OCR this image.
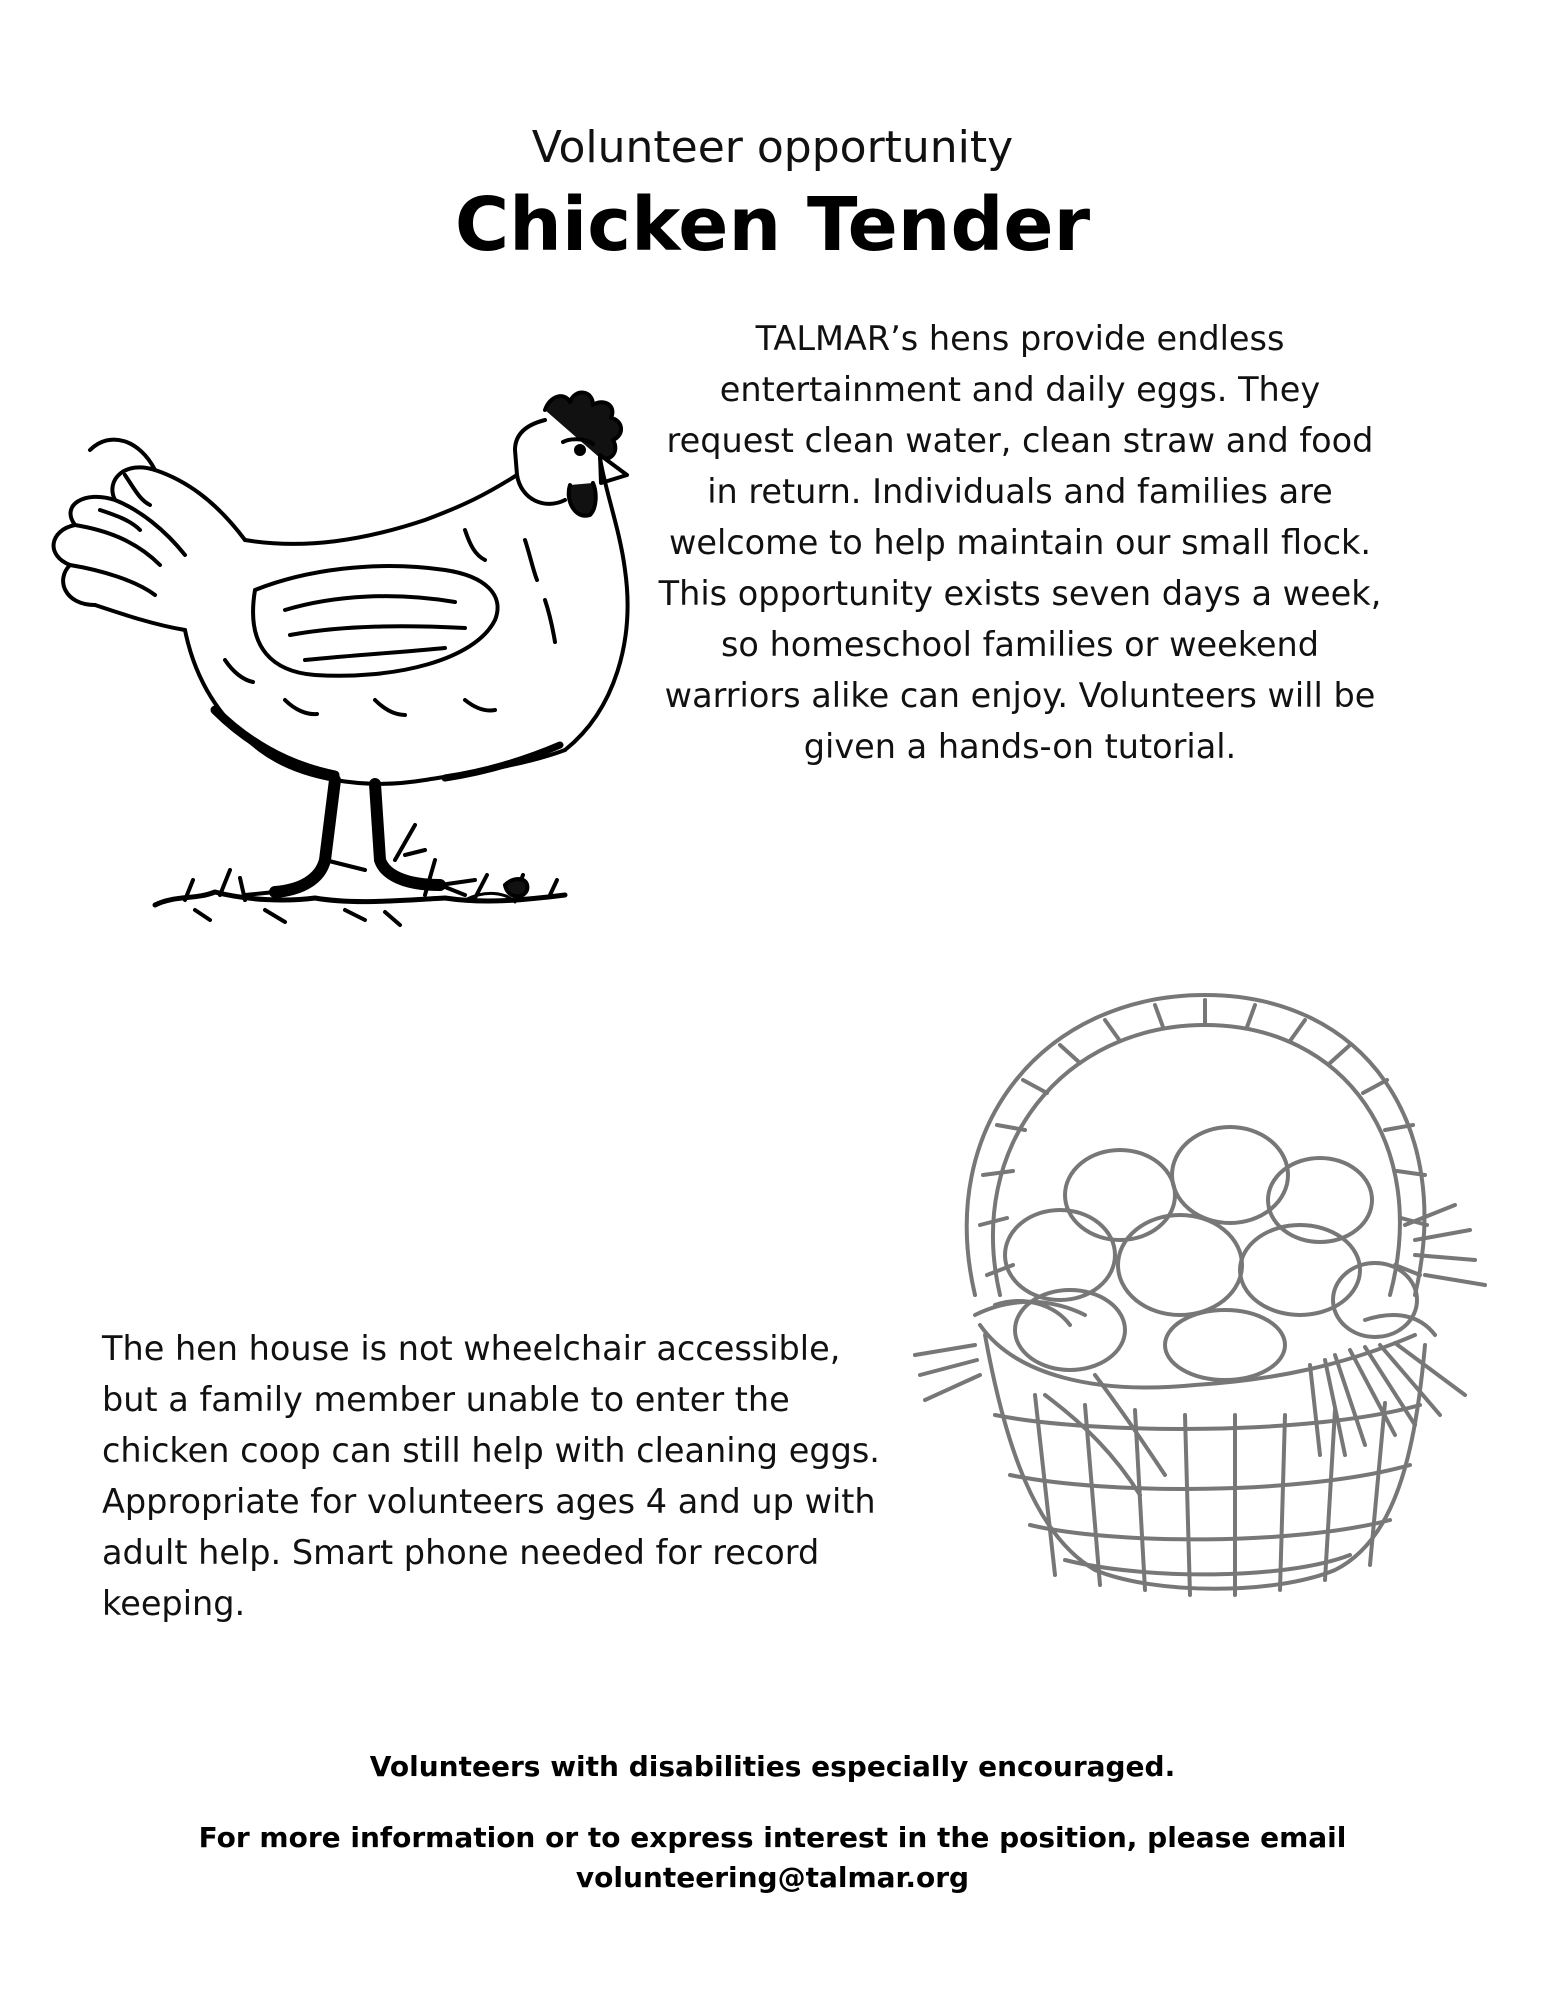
Volunteer opportunity
Chicken Tender
TALMAR’s hens provide endless entertainment and daily eggs. They request clean water, clean straw and food in return. Individuals and families are welcome to help maintain our small flock. This opportunity exists seven days a week, so homeschool families or weekend warriors alike can enjoy. Volunteers will be given a hands-on tutorial.
The hen house is not wheelchair accessible, but a family member unable to enter the chicken coop can still help with cleaning eggs. Appropriate for volunteers ages 4 and up with adult help. Smart phone needed for record keeping.
Volunteers with disabilities especially encouraged.
For more information or to express interest in the position, please email
volunteering@talmar.org
